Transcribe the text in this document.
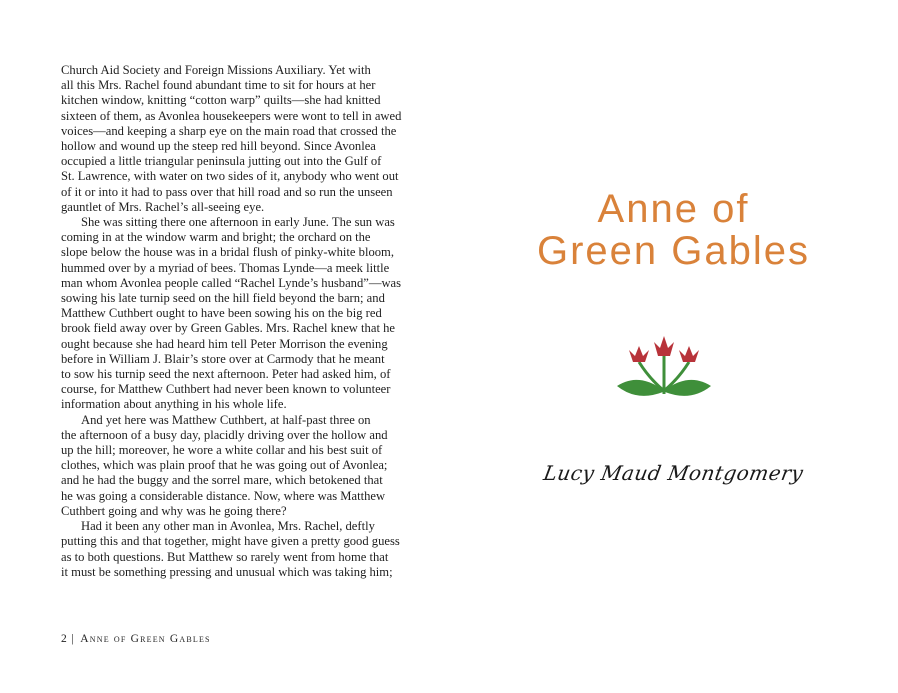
Church Aid Society and Foreign Missions Auxiliary. Yet with
all this Mrs. Rachel found abundant time to sit for hours at her
kitchen window, knitting “cotton warp” quilts—she had knitted
sixteen of them, as Avonlea housekeepers were wont to tell in awed
voices—and keeping a sharp eye on the main road that crossed the
hollow and wound up the steep red hill beyond. Since Avonlea
occupied a little triangular peninsula jutting out into the Gulf of
St. Lawrence, with water on two sides of it, anybody who went out
of it or into it had to pass over that hill road and so run the unseen
gauntlet of Mrs. Rachel’s all-seeing eye.
She was sitting there one afternoon in early June. The sun was
coming in at the window warm and bright; the orchard on the
slope below the house was in a bridal flush of pinky-white bloom,
hummed over by a myriad of bees. Thomas Lynde—a meek little
man whom Avonlea people called “Rachel Lynde’s husband”—was
sowing his late turnip seed on the hill field beyond the barn; and
Matthew Cuthbert ought to have been sowing his on the big red
brook field away over by Green Gables. Mrs. Rachel knew that he
ought because she had heard him tell Peter Morrison the evening
before in William J. Blair’s store over at Carmody that he meant
to sow his turnip seed the next afternoon. Peter had asked him, of
course, for Matthew Cuthbert had never been known to volunteer
information about anything in his whole life.
And yet here was Matthew Cuthbert, at half-past three on
the afternoon of a busy day, placidly driving over the hollow and
up the hill; moreover, he wore a white collar and his best suit of
clothes, which was plain proof that he was going out of Avonlea;
and he had the buggy and the sorrel mare, which betokened that
he was going a considerable distance. Now, where was Matthew
Cuthbert going and why was he going there?
Had it been any other man in Avonlea, Mrs. Rachel, deftly
putting this and that together, might have given a pretty good guess
as to both questions. But Matthew so rarely went from home that
it must be something pressing and unusual which was taking him;
2 | Anne of Green Gables
Anne of
Green Gables
Lucy Maud Montgomery
